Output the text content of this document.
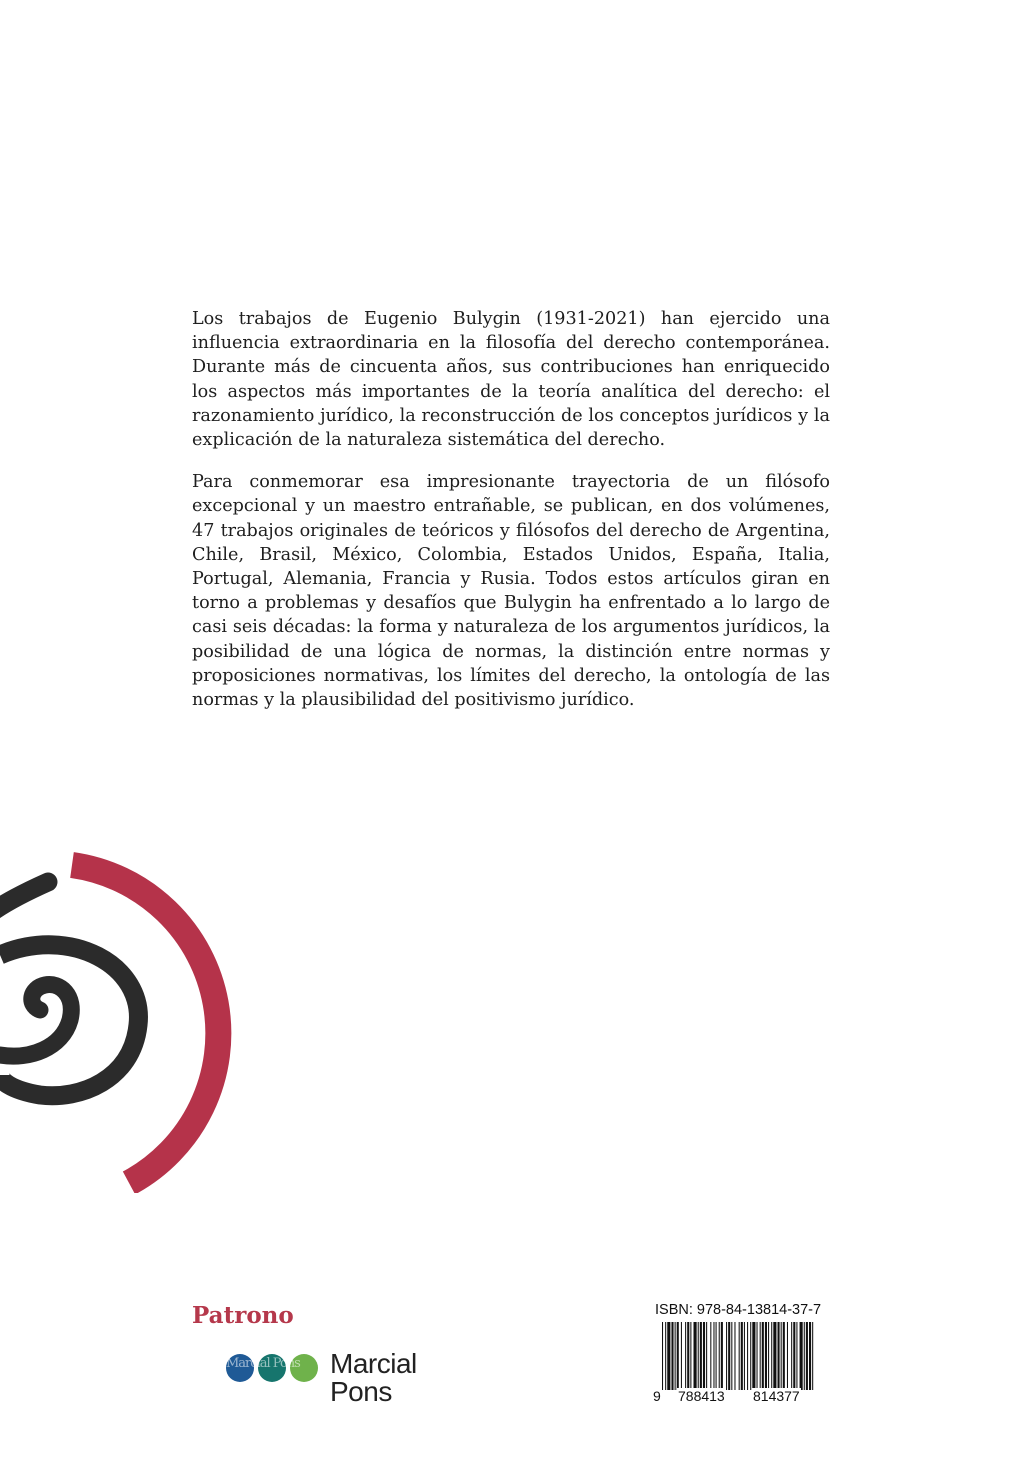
Los trabajos de Eugenio Bulygin (1931-2021) han ejercido una influencia extraordinaria en la filosofía del derecho contemporánea. Durante más de cincuenta años, sus contribuciones han enriquecido los aspectos más importantes de la teoría analítica del derecho: el razonamiento jurídico, la reconstrucción de los conceptos jurídicos y la explicación de la naturaleza sistemática del derecho.

Para conmemorar esa impresionante trayectoria de un filósofo excepcional y un maestro entrañable, se publican, en dos volúmenes, 47 trabajos originales de teóricos y filósofos del derecho de Argentina, Chile, Brasil, México, Colombia, Estados Unidos, España, Italia, Portugal, Alemania, Francia y Rusia. Todos estos artículos giran en torno a problemas y desafíos que Bulygin ha enfrentado a lo largo de casi seis décadas: la forma y naturaleza de los argumentos jurídicos, la posibilidad de una lógica de normas, la distinción entre normas y proposiciones normativas, los límites del derecho, la ontología de las normas y la plausibilidad del positivismo jurídico.

Patrono

Marcial Pons	Marcial
Pons

ISBN: 978-84-13814-37-7

9 788413 814377
